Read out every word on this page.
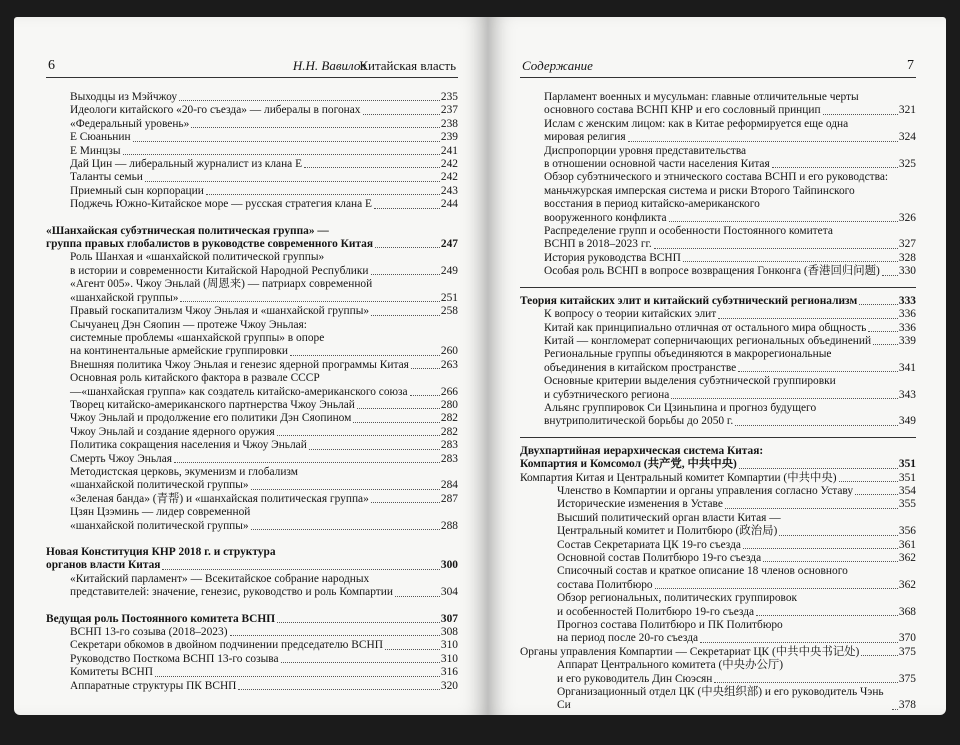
6	Н.Н. Вавилов
Китайская власть
Выходцы из Мэйчжоу	235
Идеологи китайского «20-го съезда» — либералы в погонах	237
«Федеральный уровень»	238
Е Сюаньнин	239
Е Минцзы	241
Дай Цин — либеральный журналист из клана Е	242
Таланты семьи	242
Приемный сын корпорации	243
Поджечь Южно-Китайское море — русская стратегия клана Е	244
«Шанхайская субэтническая политическая группа» —
группа правых глобалистов в руководстве современного Китая	247
Роль Шанхая и «шанхайской политической группы»
в истории и современности Китайской Народной Республики	249
«Агент 005». Чжоу Эньлай (周恩来) — патриарх современной
«шанхайской группы»	251
Правый госкапитализм Чжоу Эньлая и «шанхайской группы»	258
Сычуанец Дэн Сяопин — протеже Чжоу Эньлая:
системные проблемы «шанхайской группы» в опоре
на континентальные армейские группировки	260
Внешняя политика Чжоу Эньлая и генезис ядерной программы Китая	263
Основная роль китайского фактора в развале СССР
—«шанхайская группа» как создатель китайско-американского союза	266
Творец китайско-американского партнерства Чжоу Эньлай	280
Чжоу Эньлай и продолжение его политики Дэн Сяопином	282
Чжоу Эньлай и создание ядерного оружия	282
Политика сокращения населения и Чжоу Эньлай	283
Смерть Чжоу Эньлая	283
Методистская церковь, экуменизм и глобализм
«шанхайской политической группы»	284
«Зеленая банда» (青帮) и «шанхайская политическая группа»	287
Цзян Цзэминь — лидер современной
«шанхайской политической группы»	288
Новая Конституция КНР 2018 г. и структура
органов власти Китая	300
«Китайский парламент» — Всекитайское собрание народных
представителей: значение, генезис, руководство и роль Компартии	304
Ведущая роль Постоянного комитета ВСНП	307
ВСНП 13-го созыва (2018–2023)	308
Секретари обкомов в двойном подчинении председателю ВСНП	310
Руководство Посткома ВСНП 13-го созыва	310
Комитеты ВСНП	316
Аппаратные структуры ПК ВСНП	320
Содержание	7
Парламент военных и мусульман: главные отличительные черты
основного состава ВСНП КНР и его сословный принцип	321
Ислам с женским лицом: как в Китае реформируется еще одна
мировая религия	324
Диспропорции уровня представительства
в отношении основной части населения Китая	325
Обзор субэтнического и этнического состава ВСНП и его руководства:
маньчжурская имперская система и риски Второго Тайпинского
восстания в период китайско-американского
вооруженного конфликта	326
Распределение групп и особенности Постоянного комитета
ВСНП в 2018–2023 гг.	327
История руководства ВСНП	328
Особая роль ВСНП в вопросе возвращения Гонконга (香港回归问题) 330
Теория китайских элит и китайский субэтнический регионализм	333
К вопросу о теории китайских элит	336
Китай как принципиально отличная от остального мира общность	336
Китай — конгломерат соперничающих региональных объединений 339
Региональные группы объединяются в макрорегиональные
объединения в китайском пространстве	341
Основные критерии выделения субэтнической группировки
и субэтнического региона	343
Альянс группировок Си Цзиньпина и прогноз будущего
внутриполитической борьбы до 2050 г.	349
Двухпартийная иерархическая система Китая:
Компартия и Комсомол (共产党, 中共中央)	351
Компартия Китая и Центральный комитет Компартии (中共中央)	351
Членство в Компартии и органы управления согласно Уставу	354
Исторические изменения в Уставе	355
Высший политический орган власти Китая —
Центральный комитет и Политбюро (政治局)	356
Состав Секретариата ЦК 19-го съезда	361
Основной состав Политбюро 19-го съезда	362
Списочный состав и краткое описание 18 членов основного
состава Политбюро	362
Обзор региональных, политических группировок
и особенностей Политбюро 19-го съезда	368
Прогноз состава Политбюро и ПК Политбюро
на период после 20-го съезда	370
Органы управления Компартии — Секретариат ЦК (中共中央书记处)	375
Аппарат Центрального комитета (中央办公厅)
и его руководитель Дин Сюэсян	375
Организационный отдел ЦК (中央组织部) и его руководитель Чэнь Си	378
